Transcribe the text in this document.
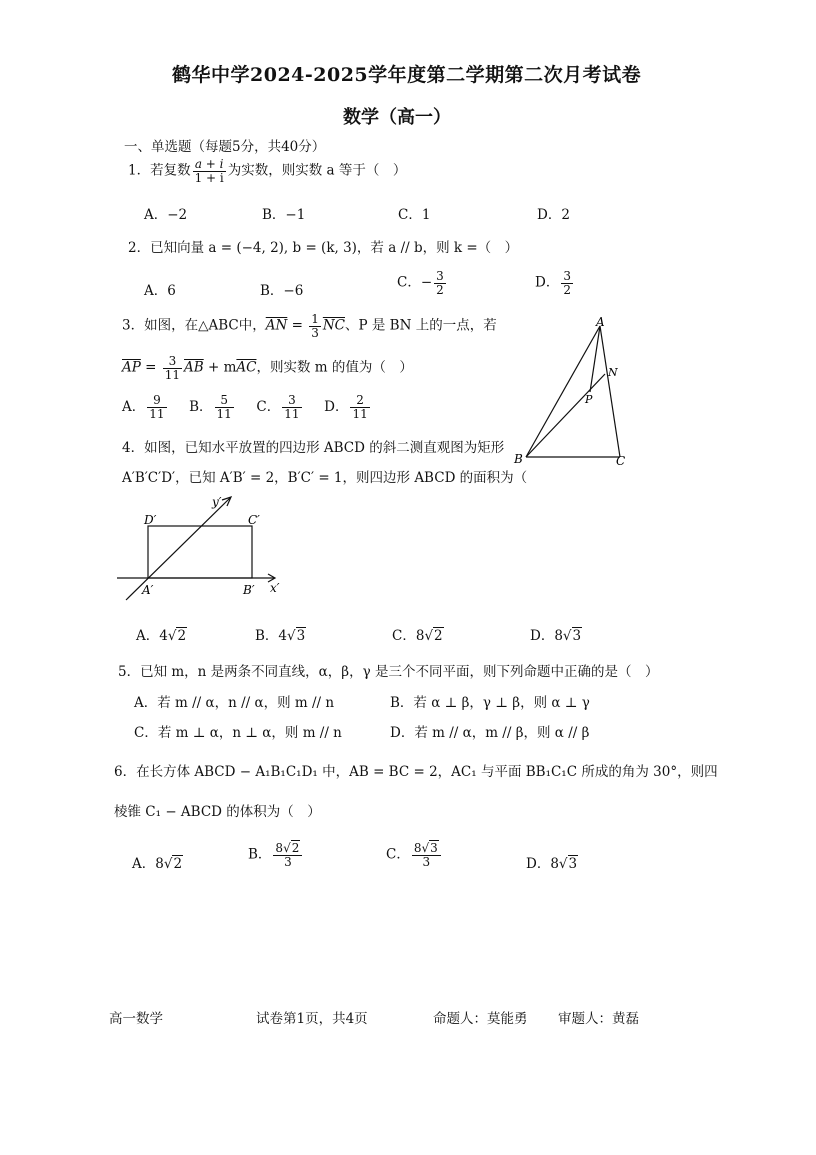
鹤华中学2024-2025学年度第二学期第二次月考试卷
数学（高一）
一、单选题（每题5分，共40分）
1．若复数 $\frac{a + i}{1 + i}$ 为实数，则实数 a 等于（　）
A．−2	B．−1	C．1	D．2
2．已知向量 a = (−4, 2), b = (k, 3)，若 a // b，则 k =（　）
A．6	B．−6
C．− $\frac{3}{2}$	D． $\frac{3}{2}$
3．如图，在△ABC中，$\overline{AN} = \frac{1}{3} \overline{NC}$、P 是 BN 上的一点，若
$\overline{AP} = \frac{3}{11} \overline{AB} + m\overline{AC}$，则实数 m 的值为（　）
A． $\frac{9}{11}$ B． $\frac{5}{11}$ C． $\frac{3}{11}$ D． $\frac{2}{11}$
A
B	C
N
P
4．如图，已知水平放置的四边形 ABCD 的斜二测直观图为矩形
A′B′C′D′，已知 A′B′ = 2，B′C′ = 1，则四边形 ABCD 的面积为（
D′	C′
A′	B′ x′
y′
A．4√2	B．4√3	C．8√2	D．8√3
5．已知 m，n 是两条不同直线，α，β，γ 是三个不同平面，则下列命题中正确的是（　）
A．若 m // α，n // α，则 m // n	B．若 α ⊥ β，γ ⊥ β，则 α ⊥ γ
C．若 m ⊥ α，n ⊥ α，则 m // n	D．若 m // α，m // β，则 α // β
6．在长方体 ABCD − A₁B₁C₁D₁ 中，AB = BC = 2，AC₁ 与平面 BB₁C₁C 所成的角为 30°，则四
棱锥 C₁ − ABCD 的体积为（　）
A．8√2
B． $\frac{8√2}{3}$	C． $\frac{8√3}{3}$	D．8√3
高一数学	试卷第1页，共4页	命题人：莫能勇 审题人：黄磊
